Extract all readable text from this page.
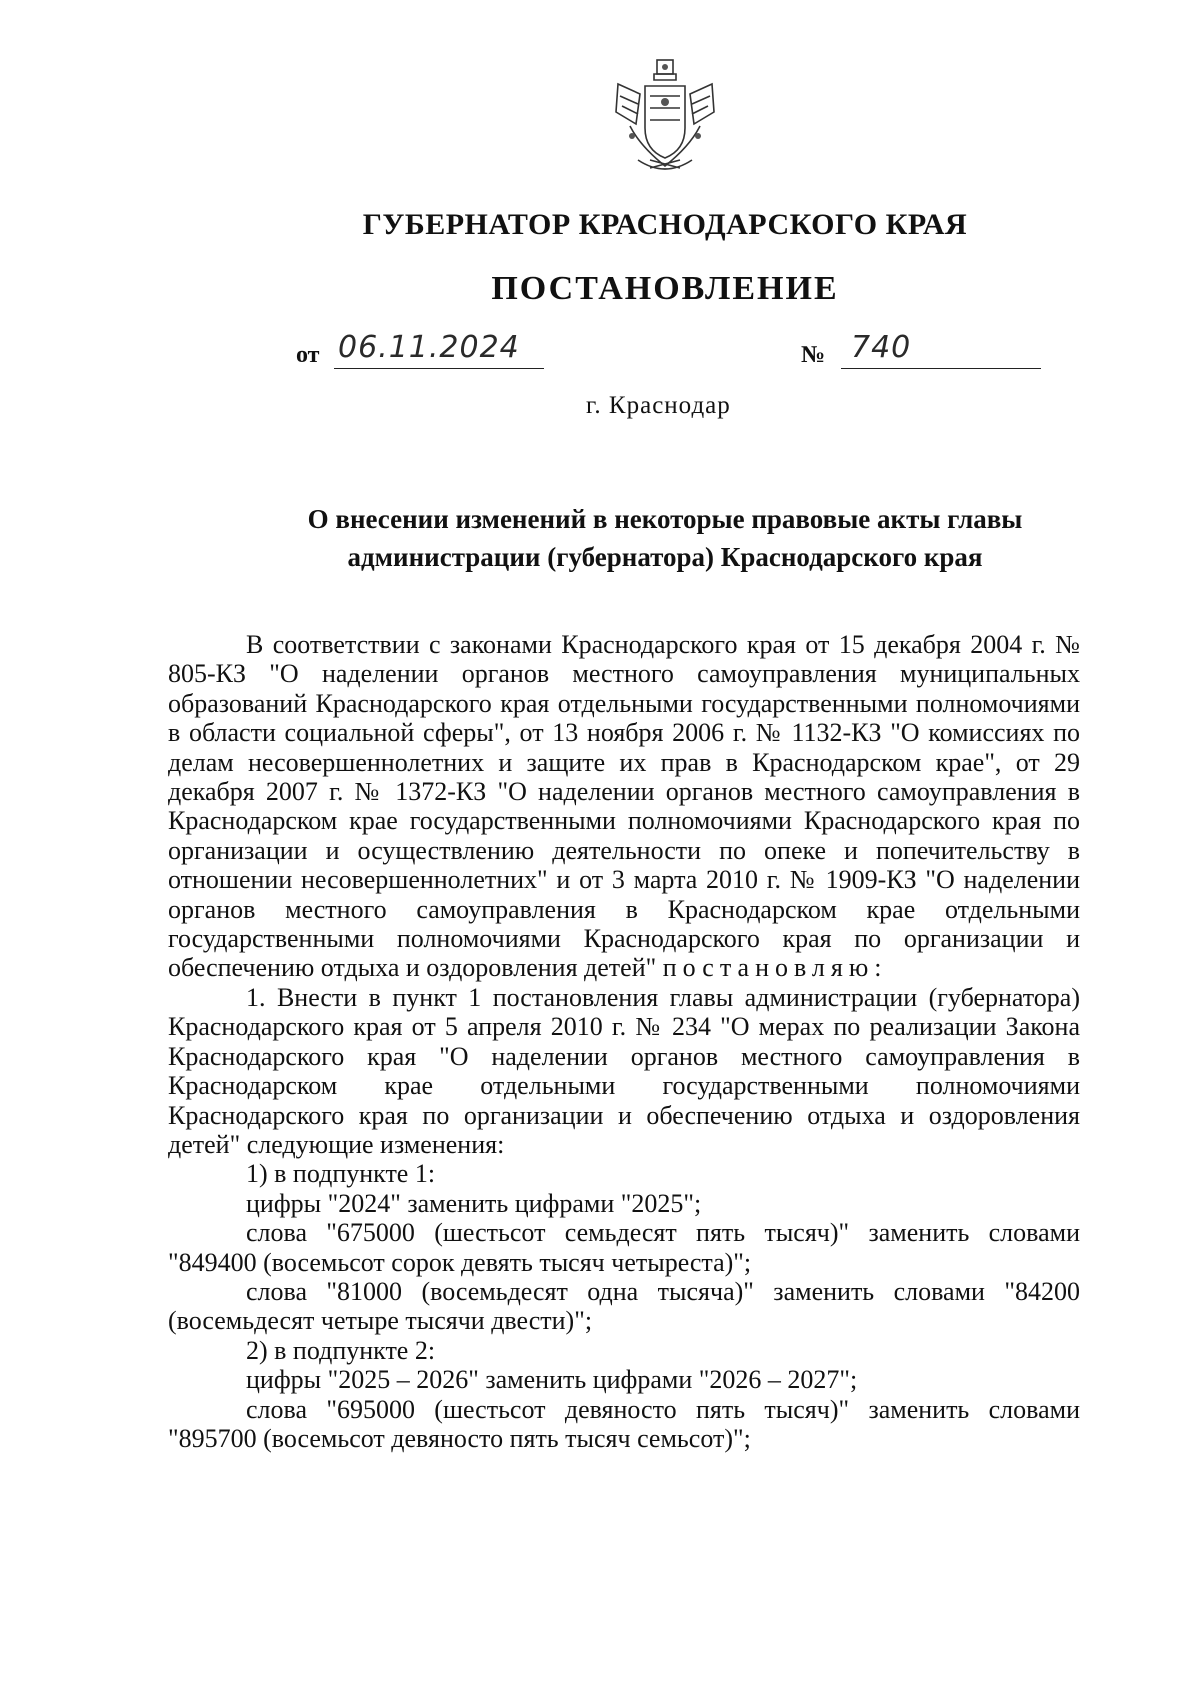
ГУБЕРНАТОР КРАСНОДАРСКОГО КРАЯ
ПОСТАНОВЛЕНИЕ
от 06.11.2024	№ 740
г. Краснодар
О внесении изменений в некоторые правовые акты главы
администрации (губернатора) Краснодарского края

В соответствии с законами Краснодарского края от 15 декабря 2004 г. № 805-КЗ "О наделении органов местного самоуправления муниципальных образований Краснодарского края отдельными государственными полномочиями в области социальной сферы", от 13 ноября 2006 г. № 1132-КЗ "О комиссиях по делам несовершеннолетних и защите их прав в Краснодарском крае", от 29 декабря 2007 г. № 1372-КЗ "О наделении органов местного самоуправления в Краснодарском крае государственными полномочиями Краснодарского края по организации и осуществлению деятельности по опеке и попечительству в отношении несовершеннолетних" и от 3 марта 2010 г. № 1909-КЗ "О наделении органов местного самоуправления в Краснодарском крае отдельными государственными полномочиями Краснодарского края по организации и обеспечению отдыха и оздоровления детей" постановляю:

1. Внести в пункт 1 постановления главы администрации (губернатора) Краснодарского края от 5 апреля 2010 г. № 234 "О мерах по реализации Закона Краснодарского края "О наделении органов местного самоуправления в Краснодарском крае отдельными государственными полномочиями Краснодарского края по организации и обеспечению отдыха и оздоровления детей" следующие изменения:

1) в подпункте 1:

цифры "2024" заменить цифрами "2025";

слова "675000 (шестьсот семьдесят пять тысяч)" заменить словами "849400 (восемьсот сорок девять тысяч четыреста)";

слова "81000 (восемьдесят одна тысяча)" заменить словами "84200 (восемьдесят четыре тысячи двести)";

2) в подпункте 2:

цифры "2025 – 2026" заменить цифрами "2026 – 2027";

слова "695000 (шестьсот девяносто пять тысяч)" заменить словами "895700 (восемьсот девяносто пять тысяч семьсот)";
